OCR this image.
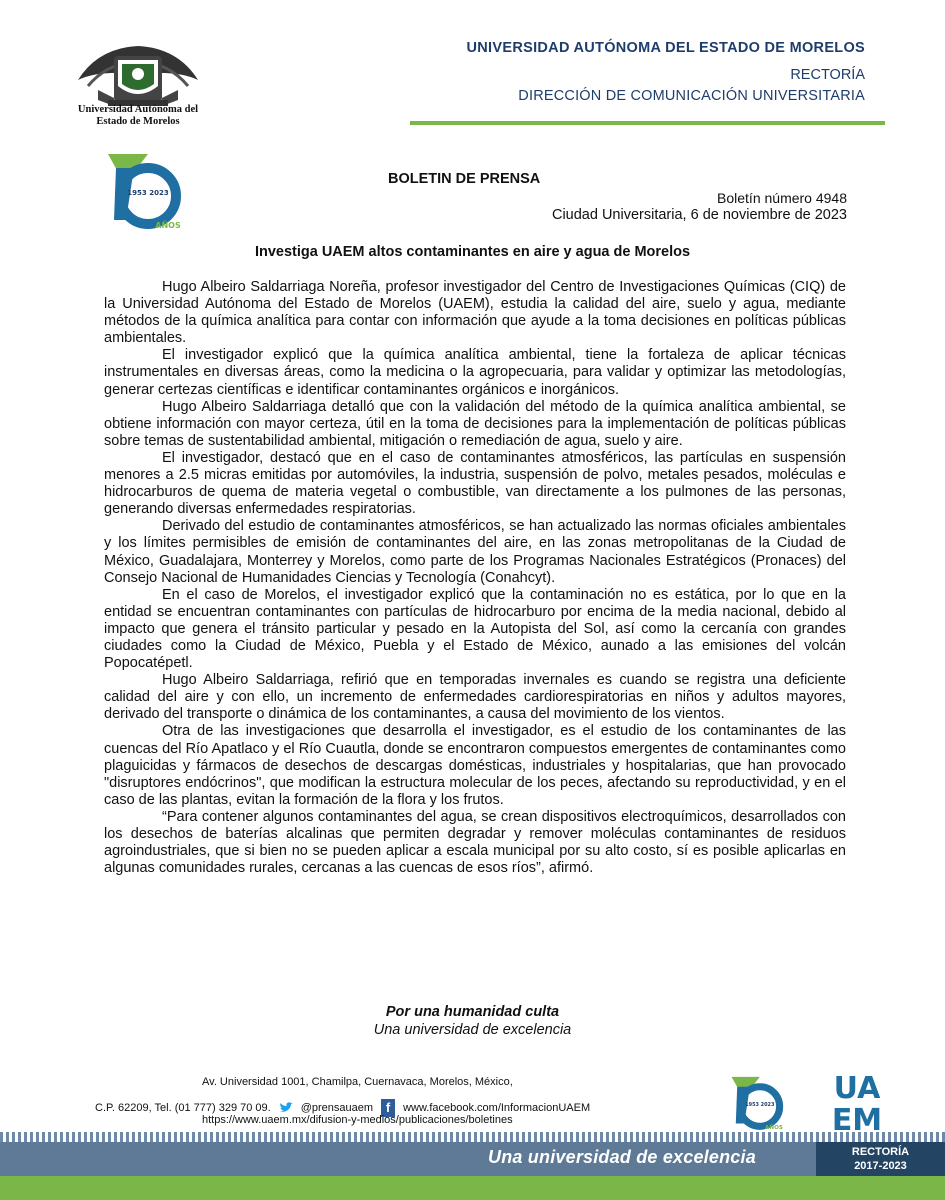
Universidad Autónoma del
Estado de Morelos
UNIVERSIDAD AUTÓNOMA DEL ESTADO DE MORELOS
RECTORÍA
DIRECCIÓN DE COMUNICACIÓN UNIVERSITARIA
1953 2023
AÑOS
BOLETIN DE PRENSA
Boletín número 4948
Ciudad Universitaria, 6 de noviembre de 2023
Investiga UAEM altos contaminantes en aire y agua de Morelos

Hugo Albeiro Saldarriaga Noreña, profesor investigador del Centro de Investigaciones Químicas (CIQ) de la Universidad Autónoma del Estado de Morelos (UAEM), estudia la calidad del aire, suelo y agua, mediante métodos de la química analítica para contar con información que ayude a la toma decisiones en políticas públicas ambientales.

El investigador explicó que la química analítica ambiental, tiene la fortaleza de aplicar técnicas instrumentales en diversas áreas, como la medicina o la agropecuaria, para validar y optimizar las metodologías, generar certezas científicas e identificar contaminantes orgánicos e inorgánicos.

Hugo Albeiro Saldarriaga detalló que con la validación del método de la química analítica ambiental, se obtiene información con mayor certeza, útil en la toma de decisiones para la implementación de políticas públicas sobre temas de sustentabilidad ambiental, mitigación o remediación de agua, suelo y aire.

El investigador, destacó que en el caso de contaminantes atmosféricos, las partículas en suspensión menores a 2.5 micras emitidas por automóviles, la industria, suspensión de polvo, metales pesados, moléculas e hidrocarburos de quema de materia vegetal o combustible, van directamente a los pulmones de las personas, generando diversas enfermedades respiratorias.

Derivado del estudio de contaminantes atmosféricos, se han actualizado las normas oficiales ambientales y los límites permisibles de emisión de contaminantes del aire, en las zonas metropolitanas de la Ciudad de México, Guadalajara, Monterrey y Morelos, como parte de los Programas Nacionales Estratégicos (Pronaces) del Consejo Nacional de Humanidades Ciencias y Tecnología (Conahcyt).

En el caso de Morelos, el investigador explicó que la contaminación no es estática, por lo que en la entidad se encuentran contaminantes con partículas de hidrocarburo por encima de la media nacional, debido al impacto que genera el tránsito particular y pesado en la Autopista del Sol, así como la cercanía con grandes ciudades como la Ciudad de México, Puebla y el Estado de México, aunado a las emisiones del volcán Popocatépetl.

Hugo Albeiro Saldarriaga, refirió que en temporadas invernales es cuando se registra una deficiente calidad del aire y con ello, un incremento de enfermedades cardiorespiratorias en niños y adultos mayores, derivado del transporte o dinámica de los contaminantes, a causa del movimiento de los vientos.

Otra de las investigaciones que desarrolla el investigador, es el estudio de los contaminantes de las cuencas del Río Apatlaco y el Río Cuautla, donde se encontraron compuestos emergentes de contaminantes como plaguicidas y fármacos de desechos de descargas domésticas, industriales y hospitalarias, que han provocado "disruptores endócrinos", que modifican la estructura molecular de los peces, afectando su reproductividad, y en el caso de las plantas, evitan la formación de la flora y los frutos.

“Para contener algunos contaminantes del agua, se crean dispositivos electroquímicos, desarrollados con los desechos de baterías alcalinas que permiten degradar y remover moléculas contaminantes de residuos agroindustriales, que si bien no se pueden aplicar a escala municipal por su alto costo, sí es posible aplicarlas en algunas comunidades rurales, cercanas a las cuencas de esos ríos”, afirmó.

Por una humanidad culta
Una universidad de excelencia
Av. Universidad 1001, Chamilpa, Cuernavaca, Morelos, México,
C.P. 62209, Tel. (01 777) 329 70 09.	@prensauaem f	www.facebook.com/InformacionUAEM
https://www.uaem.mx/difusion-y-medios/publicaciones/boletines
1953 2023
AÑOS
UA
EM
Una universidad de excelencia	RECTORÍA
2017-2023
